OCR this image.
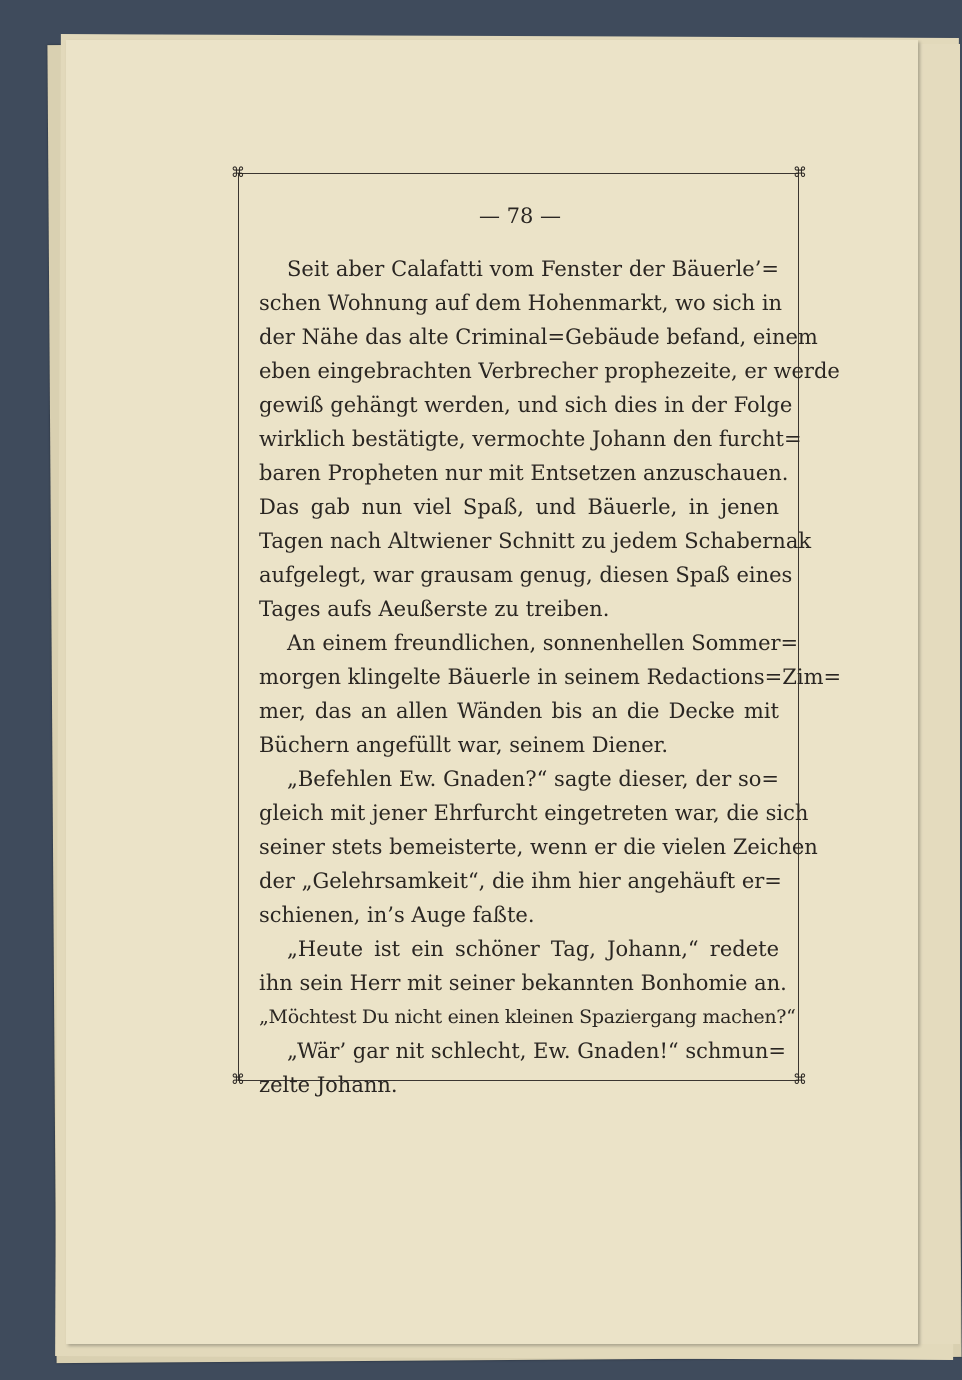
⌘	⌘
⌘	⌘
— 78 —
Seit aber Calafatti vom Fenster der Bäuerle’=
schen Wohnung auf dem Hohenmarkt, wo sich in
der Nähe das alte Criminal=Gebäude befand, einem
eben eingebrachten Verbrecher prophezeite, er werde
gewiß gehängt werden, und sich dies in der Folge
wirklich bestätigte, vermochte Johann den furcht=
baren Propheten nur mit Entsetzen anzuschauen.
Das gab nun viel Spaß, und Bäuerle, in jenen
Tagen nach Altwiener Schnitt zu jedem Schabernak
aufgelegt, war grausam genug, diesen Spaß eines
Tages aufs Aeußerste zu treiben.
An einem freundlichen, sonnenhellen Sommer=
morgen klingelte Bäuerle in seinem Redactions=Zim=
mer, das an allen Wänden bis an die Decke mit
Büchern angefüllt war, seinem Diener.
„Befehlen Ew. Gnaden?“ sagte dieser, der so=
gleich mit jener Ehrfurcht eingetreten war, die sich
seiner stets bemeisterte, wenn er die vielen Zeichen
der „Gelehrsamkeit“, die ihm hier angehäuft er=
schienen, in’s Auge faßte.
„Heute ist ein schöner Tag, Johann,“ redete
ihn sein Herr mit seiner bekannten Bonhomie an.
„Möchtest Du nicht einen kleinen Spaziergang machen?“
„Wär’ gar nit schlecht, Ew. Gnaden!“ schmun=
zelte Johann.
